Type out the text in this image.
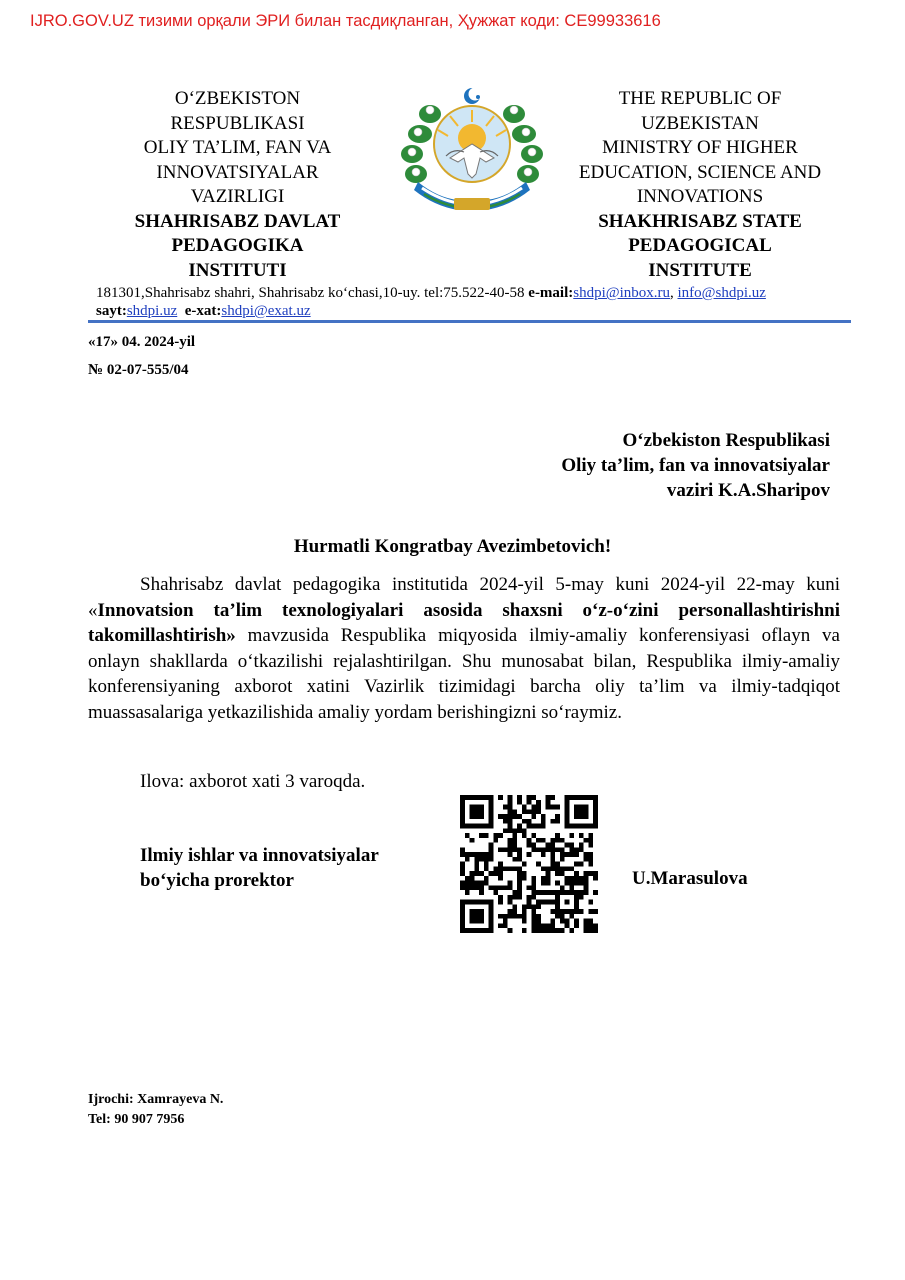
IJRO.GOV.UZ тизими орқали ЭРИ билан тасдиқланган, Ҳужжат коди: CE99933616
O‘ZBEKISTON
RESPUBLIKASI
OLIY TA’LIM, FAN VA
INNOVATSIYALAR
VAZIRLIGI
SHAHRISABZ DAVLAT
PEDAGOGIKA
INSTITUTI
THE REPUBLIC OF
UZBEKISTAN
MINISTRY OF HIGHER
EDUCATION, SCIENCE AND
INNOVATIONS
SHAKHRISABZ STATE
PEDAGOGICAL
INSTITUTE
181301,Shahrisabz shahri, Shahrisabz ko‘chasi,10-uy. tel:75.522-40-58 e-mail:shdpi@inbox.ru, info@shdpi.uz
sayt:shdpi.uz e-xat:shdpi@exat.uz
«17» 04. 2024-yil
№ 02-07-555/04
O‘zbekiston Respublikasi
Oliy ta’lim, fan va innovatsiyalar
vaziri K.A.Sharipov
Hurmatli Kongratbay Avezimbetovich!
Shahrisabz davlat pedagogika institutida 2024-yil 5-may kuni 2024-yil 22-may kuni «Innovatsion ta’lim texnologiyalari asosida shaxsni o‘z-o‘zini personallashtirishni takomillashtirish» mavzusida Respublika miqyosida ilmiy-amaliy konferensiyasi oflayn va onlayn shakllarda o‘tkazilishi rejalashtirilgan. Shu munosabat bilan, Respublika ilmiy-amaliy konferensiyaning axborot xatini Vazirlik tizimidagi barcha oliy ta’lim va ilmiy-tadqiqot muassasalariga yetkazilishida amaliy yordam berishingizni so‘raymiz.
Ilova: axborot xati 3 varoqda.
Ilmiy ishlar va innovatsiyalar
bo‘yicha prorektor	U.Marasulova
Ijrochi: Xamrayeva N.
Tel: 90 907 7956
